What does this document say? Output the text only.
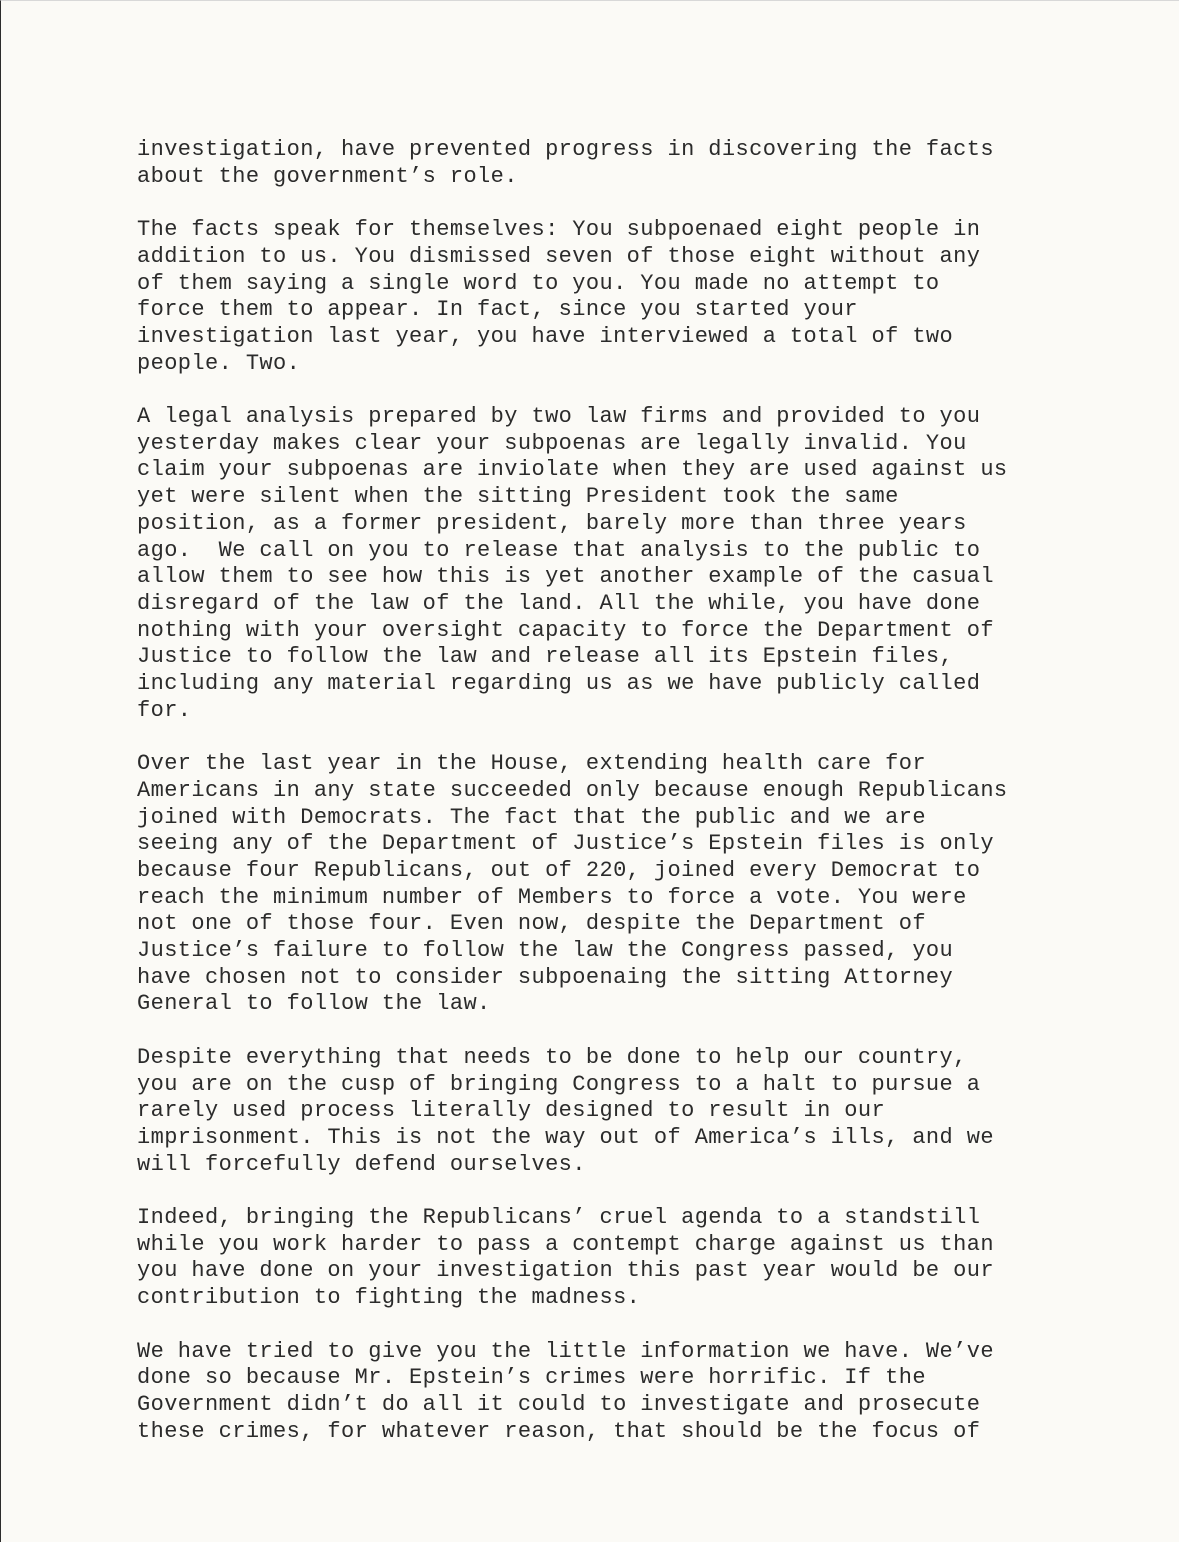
investigation, have prevented progress in discovering the facts
about the government’s role.

The facts speak for themselves: You subpoenaed eight people in
addition to us. You dismissed seven of those eight without any
of them saying a single word to you. You made no attempt to
force them to appear. In fact, since you started your
investigation last year, you have interviewed a total of two
people. Two.

A legal analysis prepared by two law firms and provided to you
yesterday makes clear your subpoenas are legally invalid. You
claim your subpoenas are inviolate when they are used against us
yet were silent when the sitting President took the same
position, as a former president, barely more than three years
ago.  We call on you to release that analysis to the public to
allow them to see how this is yet another example of the casual
disregard of the law of the land. All the while, you have done
nothing with your oversight capacity to force the Department of
Justice to follow the law and release all its Epstein files,
including any material regarding us as we have publicly called
for.

Over the last year in the House, extending health care for
Americans in any state succeeded only because enough Republicans
joined with Democrats. The fact that the public and we are
seeing any of the Department of Justice’s Epstein files is only
because four Republicans, out of 220, joined every Democrat to
reach the minimum number of Members to force a vote. You were
not one of those four. Even now, despite the Department of
Justice’s failure to follow the law the Congress passed, you
have chosen not to consider subpoenaing the sitting Attorney
General to follow the law.

Despite everything that needs to be done to help our country,
you are on the cusp of bringing Congress to a halt to pursue a
rarely used process literally designed to result in our
imprisonment. This is not the way out of America’s ills, and we
will forcefully defend ourselves.

Indeed, bringing the Republicans’ cruel agenda to a standstill
while you work harder to pass a contempt charge against us than
you have done on your investigation this past year would be our
contribution to fighting the madness.

We have tried to give you the little information we have. We’ve
done so because Mr. Epstein’s crimes were horrific. If the
Government didn’t do all it could to investigate and prosecute
these crimes, for whatever reason, that should be the focus of
